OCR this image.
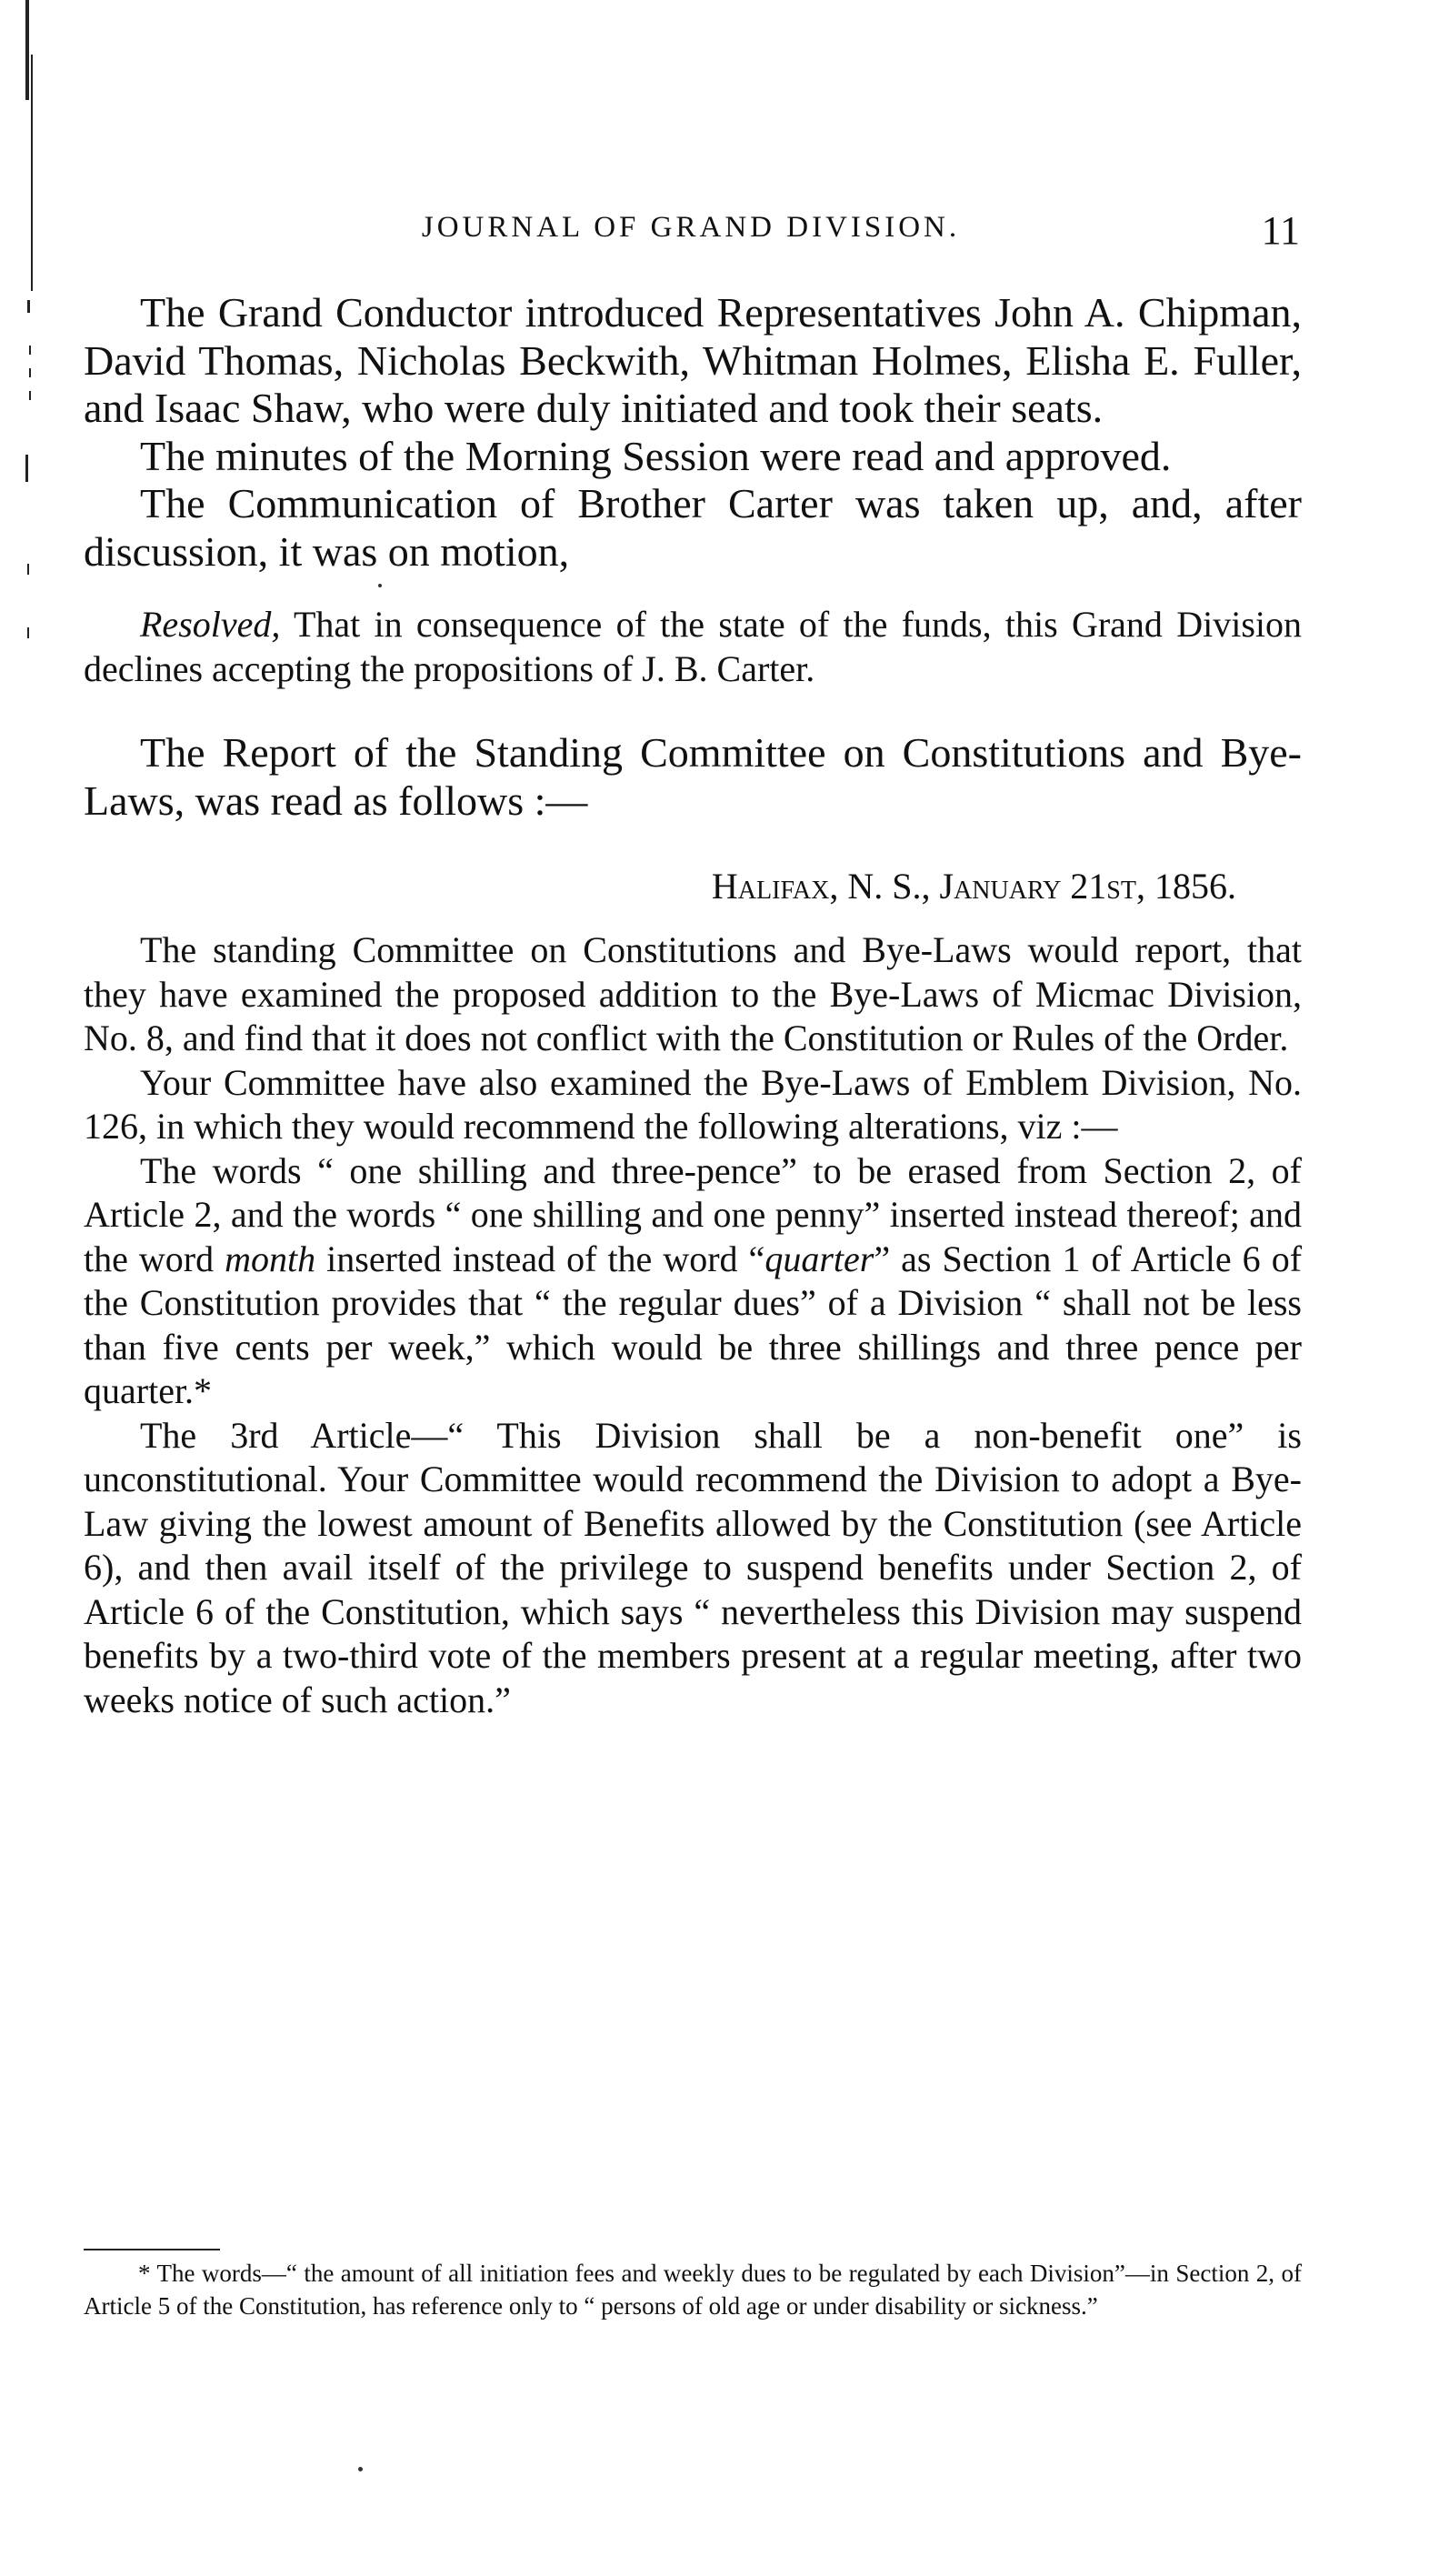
JOURNAL OF GRAND DIVISION.	11

The Grand Conductor introduced Representatives John A. Chipman, David Thomas, Nicholas Beckwith, Whitman Holmes, Elisha E. Fuller, and Isaac Shaw, who were duly initiated and took their seats.

The minutes of the Morning Session were read and approved.

The Communication of Brother Carter was taken up, and, after discussion, it was on motion,

Resolved, That in consequence of the state of the funds, this Grand Division declines accepting the propositions of J. B. Carter.

The Report of the Standing Committee on Constitutions and Bye-Laws, was read as follows :—

Halifax, N. S., January 21st, 1856.

The standing Committee on Constitutions and Bye-Laws would report, that they have examined the proposed addition to the Bye-Laws of Micmac Division, No. 8, and find that it does not conflict with the Constitution or Rules of the Order.

Your Committee have also examined the Bye-Laws of Emblem Division, No. 126, in which they would recommend the following alterations, viz :—

The words “ one shilling and three-pence” to be erased from Section 2, of Article 2, and the words “ one shilling and one penny” inserted instead thereof; and the word month inserted instead of the word “quarter” as Section 1 of Article 6 of the Constitution provides that “ the regular dues” of a Division “ shall not be less than five cents per week,” which would be three shillings and three pence per quarter.*

The 3rd Article—“ This Division shall be a non-benefit one” is unconstitutional. Your Committee would recommend the Division to adopt a Bye-Law giving the lowest amount of Benefits allowed by the Constitution (see Article 6), and then avail itself of the privilege to suspend benefits under Section 2, of Article 6 of the Constitution, which says “ nevertheless this Division may suspend benefits by a two-third vote of the members present at a regular meeting, after two weeks notice of such action.”

* The words—“ the amount of all initiation fees and weekly dues to be regulated by each Division”—in Section 2, of Article 5 of the Constitution, has reference only to “ persons of old age or under disability or sickness.”
